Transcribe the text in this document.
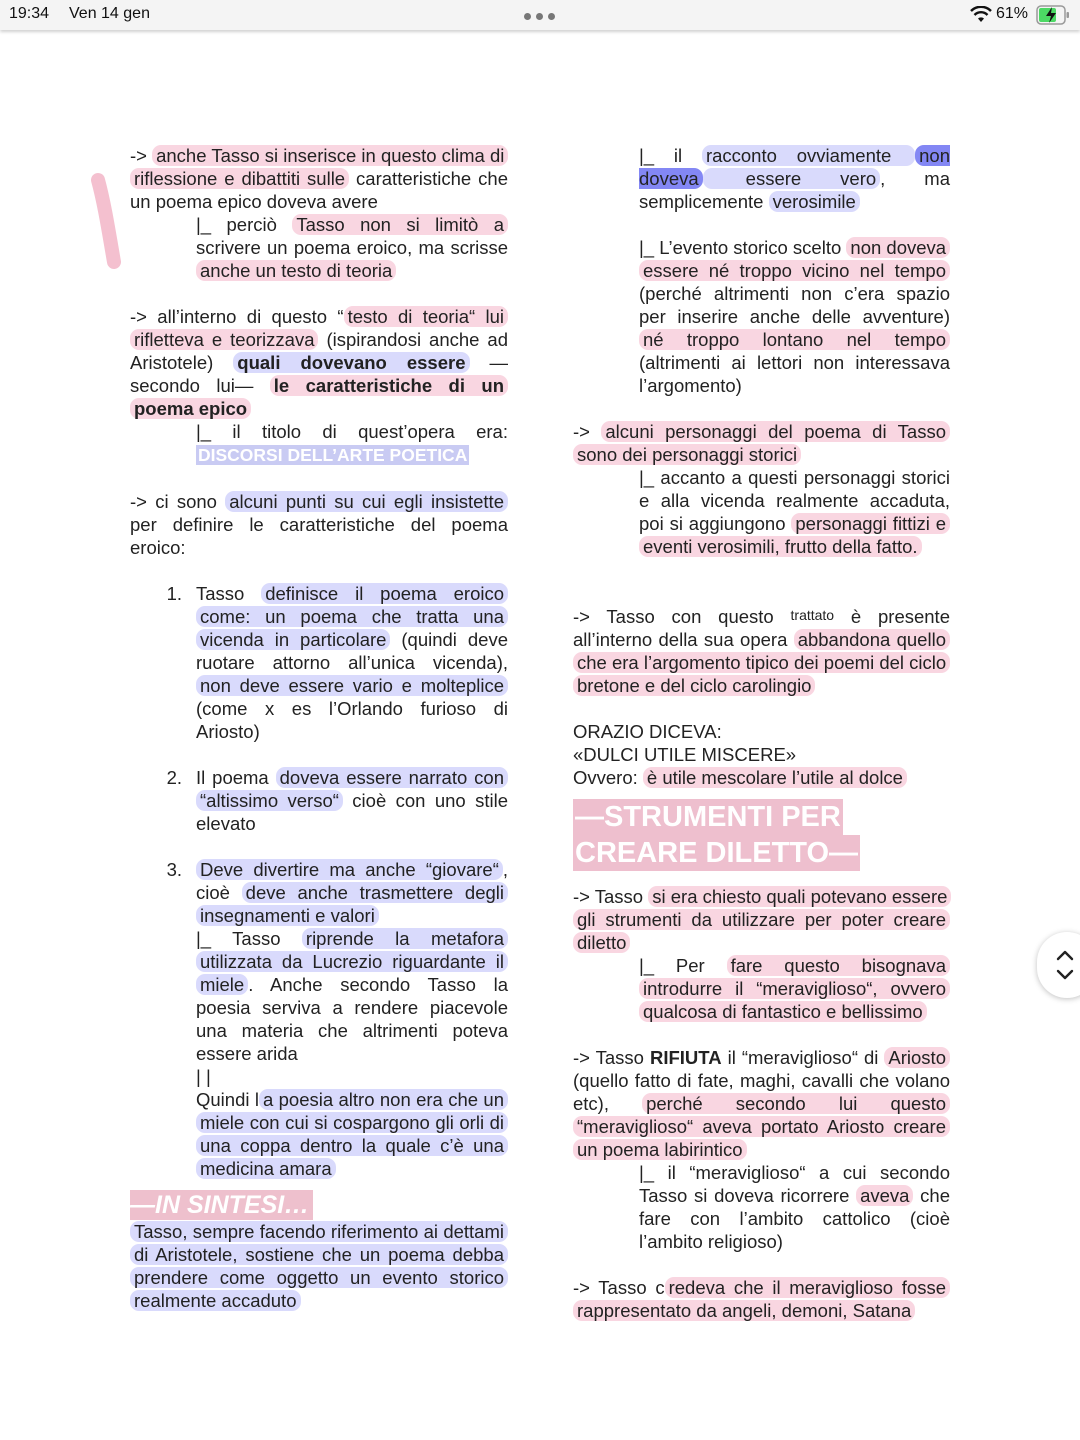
19:34 Ven 14 gen	61%

-> anche Tasso si inserisce in questo clima di riflessione e dibattiti sulle caratteristiche che un poema epico doveva avere

|_ perciò Tasso non si limitò a scrivere un poema eroico, ma scrisse anche un testo di teoria

-> all’interno di questo “ testo di teoria“ lui rifletteva e teorizzava (ispirandosi anche ad Aristotele) quali dovevano essere —secondo lui— le caratteristiche di un poema epico

|_ il titolo di quest’opera era: DISCORSI DELL’ARTE POETICA

-> ci sono alcuni punti su cui egli insistette per definire le caratteristiche del poema eroico:

1. Tasso definisce il poema eroico come: un poema che tratta una vicenda in particolare (quindi deve ruotare attorno all’unica vicenda), non deve essere vario e molteplice (come x es l’Orlando furioso di Ariosto)
2. Il poema doveva essere narrato con “altissimo verso“ cioè con uno stile elevato
3. Deve divertire ma anche “giovare“ , cioè deve anche trasmettere degli insegnamenti e valori
|_ Tasso riprende la metafora utilizzata da Lucrezio riguardante il miele . Anche secondo Tasso la poesia serviva a rendere piacevole una materia che altrimenti poteva essere arida
| |
Quindi l a poesia altro non era che un miele con cui si cospargono gli orli di una coppa dentro la quale c’è una medicina amara
—IN SINTESI…

Tasso, sempre facendo riferimento ai dettami di Aristotele, sostiene che un poema debba prendere come oggetto un evento storico realmente accaduto

|_ il racconto ovviamente non doveva essere vero , ma semplicemente verosimile

|_ L’evento storico scelto non doveva essere né troppo vicino nel tempo (perché altrimenti non c’era spazio per inserire anche delle avventure) né troppo lontano nel tempo (altrimenti ai lettori non interessava l’argomento)

-> alcuni personaggi del poema di Tasso sono dei personaggi storici

|_ accanto a questi personaggi storici e alla vicenda realmente accaduta, poi si aggiungono personaggi fittizi e eventi verosimili, frutto della fatto.

-> Tasso con questo trattato è presente all’interno della sua opera abbandona quello che era l’argomento tipico dei poemi del ciclo bretone e del ciclo carolingio

ORAZIO DICEVA:

«DULCI UTILE MISCERE»

Ovvero: è utile mescolare l’utile al dolce

—STRUMENTI PER
CREARE DILETTO—

-> Tasso si era chiesto quali potevano essere gli strumenti da utilizzare per poter creare diletto

|_ Per fare questo bisognava introdurre il “meraviglioso“, ovvero qualcosa di fantastico e bellissimo

-> Tasso RIFIUTA il “meraviglioso“ di Ariosto (quello fatto di fate, maghi, cavalli che volano etc), perché secondo lui questo “meraviglioso“ aveva portato Ariosto creare un poema labirintico

|_ il “meraviglioso“ a cui secondo Tasso si doveva ricorrere aveva che fare con l’ambito cattolico (cioè l’ambito religioso)

-> Tasso c redeva che il meraviglioso fosse rappresentato da angeli, demoni, Satana
